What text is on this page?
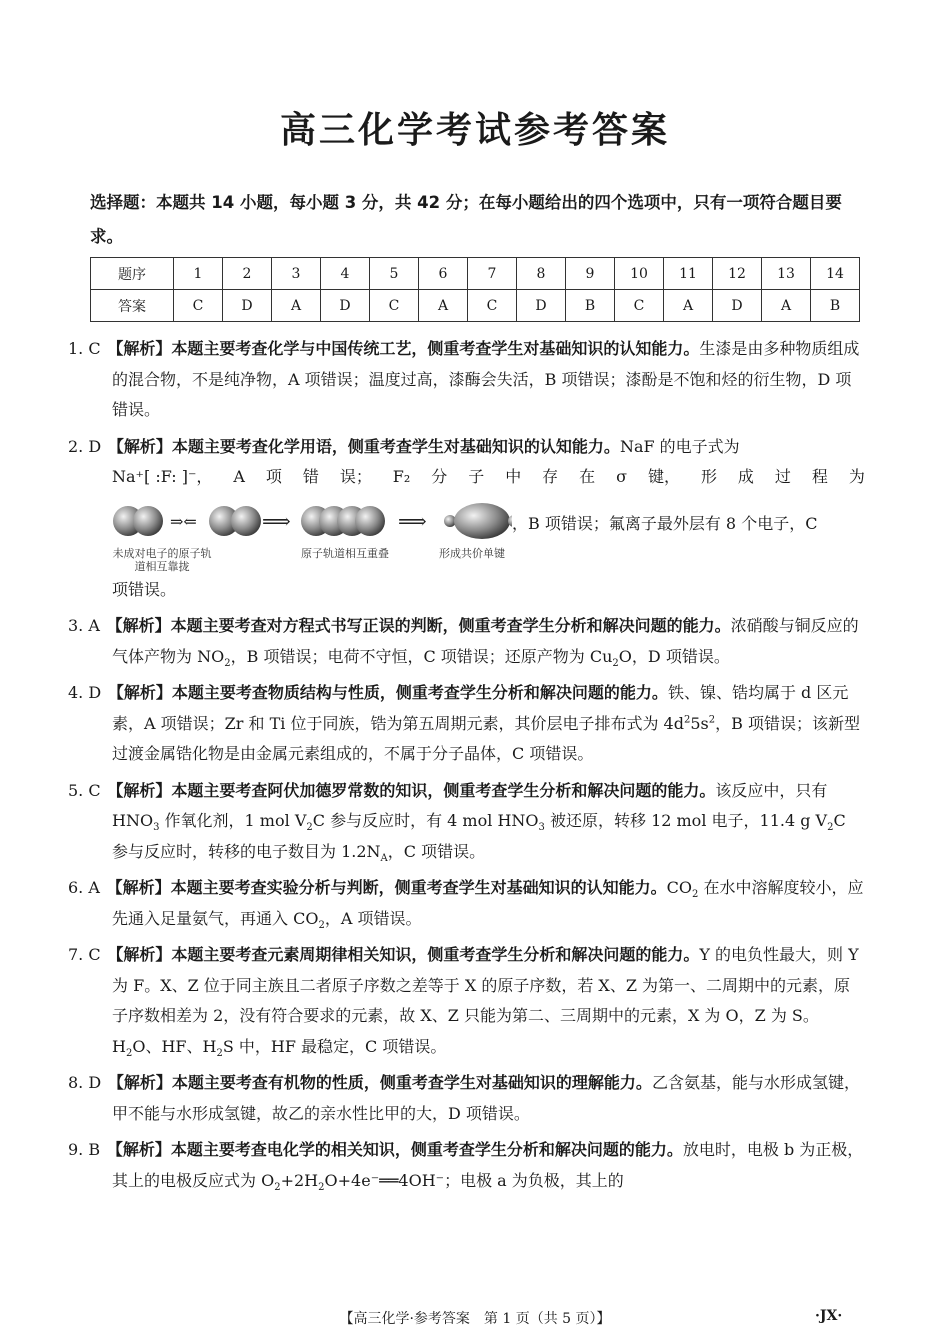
高三化学考试参考答案
选择题：本题共 14 小题，每小题 3 分，共 42 分；在每小题给出的四个选项中，只有一项符合题目要求。
题序	1	2	3	4	5	6	7	8	9	10	11	12	13	14
答案	C	D	A	D	C	A	C	D	B	C	A	D	A	B
1. C 【解析】本题主要考查化学与中国传统工艺，侧重考查学生对基础知识的认知能力。生漆是由多种物质组成的混合物，不是纯净物，A 项错误；温度过高，漆酶会失活，B 项错误；漆酚是不饱和烃的衍生物，D 项错误。
2. D 【解析】本题主要考查化学用语，侧重考查学生对基础知识的认知能力。NaF 的电子式为
Na⁺[ :F: ]⁻， A 项 错 误； F₂ 分 子 中 存 在 σ 键， 形 成 过 程 为
⇒⇐	⟹	⟹
未成对电子的原子轨道相互靠拢
原子轨道相互重叠	形成共价单键
，B 项错误；氟离子最外层有 8 个电子，C
项错误。
3. A 【解析】本题主要考查对方程式书写正误的判断，侧重考查学生分析和解决问题的能力。浓硝酸与铜反应的气体产物为 $NO_2$，B 项错误；电荷不守恒，C 项错误；还原产物为 $Cu_2O$，D 项错误。
4. D 【解析】本题主要考查物质结构与性质，侧重考查学生分析和解决问题的能力。铁、镍、锆均属于 d 区元素，A 项错误；Zr 和 Ti 位于同族，锆为第五周期元素，其价层电子排布式为 $4d^25s^2$，B 项错误；该新型过渡金属锆化物是由金属元素组成的，不属于分子晶体，C 项错误。
5. C 【解析】本题主要考查阿伏加德罗常数的知识，侧重考查学生分析和解决问题的能力。该反应中，只有 $HNO_3$ 作氧化剂，1 mol $V_2C$ 参与反应时，有 4 mol $HNO_3$ 被还原，转移 12 mol 电子，11.4 g $V_2C$ 参与反应时，转移的电子数目为 $1.2N_A$，C 项错误。
6. A 【解析】本题主要考查实验分析与判断，侧重考查学生对基础知识的认知能力。$CO_2$ 在水中溶解度较小，应先通入足量氨气，再通入 $CO_2$，A 项错误。
7. C 【解析】本题主要考查元素周期律相关知识，侧重考查学生分析和解决问题的能力。Y 的电负性最大，则 Y 为 F。X、Z 位于同主族且二者原子序数之差等于 X 的原子序数，若 X、Z 为第一、二周期中的元素，原子序数相差为 2，没有符合要求的元素，故 X、Z 只能为第二、三周期中的元素，X 为 O，Z 为 S。$H_2O$、HF、$H_2S$ 中，HF 最稳定，C 项错误。
8. D 【解析】本题主要考查有机物的性质，侧重考查学生对基础知识的理解能力。乙含氨基，能与水形成氢键，甲不能与水形成氢键，故乙的亲水性比甲的大，D 项错误。
9. B 【解析】本题主要考查电化学的相关知识，侧重考查学生分析和解决问题的能力。放电时，电极 b 为正极，其上的电极反应式为 $O_2+2H_2O+4e^-══4OH^-$；电极 a 为负极，其上的
【高三化学·参考答案　第 1 页（共 5 页）】	·JX·
